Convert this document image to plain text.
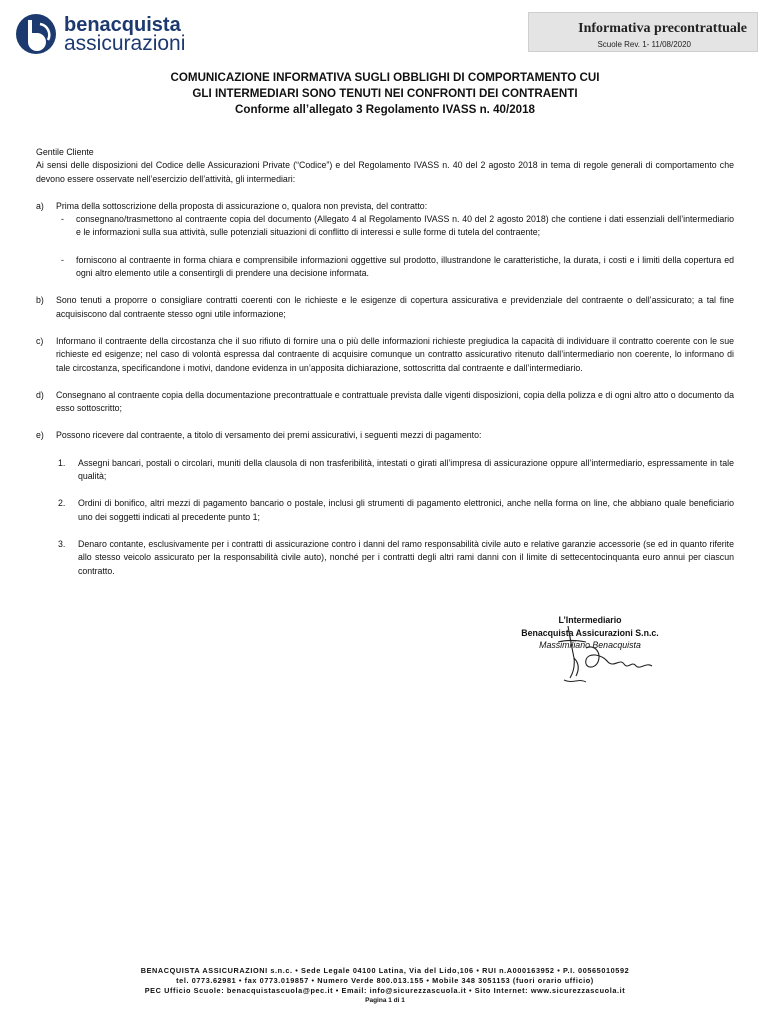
benacquista
assicurazioni
Informativa precontrattuale
Scuole Rev. 1- 11/08/2020
COMUNICAZIONE INFORMATIVA SUGLI OBBLIGHI DI COMPORTAMENTO CUI
GLI INTERMEDIARI SONO TENUTI NEI CONFRONTI DEI CONTRAENTI
Conforme all’allegato 3 Regolamento IVASS n. 40/2018

Gentile Cliente

Ai sensi delle disposizioni del Codice delle Assicurazioni Private (“Codice”) e del Regolamento IVASS n. 40 del 2 agosto 2018 in tema di regole generali di comportamento che devono essere osservate nell’esercizio dell’attività, gli intermediari:

a) Prima della sottoscrizione della proposta di assicurazione o, qualora non prevista, del contratto:

- consegnano/trasmettono al contraente copia del documento (Allegato 4 al Regolamento IVASS n. 40 del 2 agosto 2018) che contiene i dati essenziali dell’intermediario e le informazioni sulla sua attività, sulle potenziali situazioni di conflitto di interessi e sulle forme di tutela del contraente;

- forniscono al contraente in forma chiara e comprensibile informazioni oggettive sul prodotto, illustrandone le caratteristiche, la durata, i costi e i limiti della copertura ed ogni altro elemento utile a consentirgli di prendere una decisione informata.

b) Sono tenuti a proporre o consigliare contratti coerenti con le richieste e le esigenze di copertura assicurativa e previdenziale del contraente o dell’assicurato; a tal fine acquisiscono dal contraente stesso ogni utile informazione;

c) Informano il contraente della circostanza che il suo rifiuto di fornire una o più delle informazioni richieste pregiudica la capacità di individuare il contratto coerente con le sue richieste ed esigenze; nel caso di volontà espressa dal contraente di acquisire comunque un contratto assicurativo ritenuto dall’intermediario non coerente, lo informano di tale circostanza, specificandone i motivi, dandone evidenza in un’apposita dichiarazione, sottoscritta dal contraente e dall’intermediario.

d) Consegnano al contraente copia della documentazione precontrattuale e contrattuale prevista dalle vigenti disposizioni, copia della polizza e di ogni altro atto o documento da esso sottoscritto;

e) Possono ricevere dal contraente, a titolo di versamento dei premi assicurativi, i seguenti mezzi di pagamento:

1. Assegni bancari, postali o circolari, muniti della clausola di non trasferibilità, intestati o girati all’impresa di assicurazione oppure all’intermediario, espressamente in tale qualità;

2. Ordini di bonifico, altri mezzi di pagamento bancario o postale, inclusi gli strumenti di pagamento elettronici, anche nella forma on line, che abbiano quale beneficiario uno dei soggetti indicati al precedente punto 1;

3. Denaro contante, esclusivamente per i contratti di assicurazione contro i danni del ramo responsabilità civile auto e relative garanzie accessorie (se ed in quanto riferite allo stesso veicolo assicurato per la responsabilità civile auto), nonché per i contratti degli altri rami danni con il limite di settecentocinquanta euro annui per ciascun contratto.

L’Intermediario
Benacquista Assicurazioni S.n.c.
Massimiliano Benacquista
BENACQUISTA ASSICURAZIONI s.n.c. • Sede Legale 04100 Latina, Via del Lido,106 • RUI n.A000163952 • P.I. 00565010592
tel. 0773.62981 • fax 0773.019857 • Numero Verde 800.013.155 • Mobile 348 3051153 (fuori orario ufficio)
PEC Ufficio Scuole: benacquistascuola@pec.it • Email: info@sicurezzascuola.it • Sito Internet: www.sicurezzascuola.it
Pagina 1 di 1
